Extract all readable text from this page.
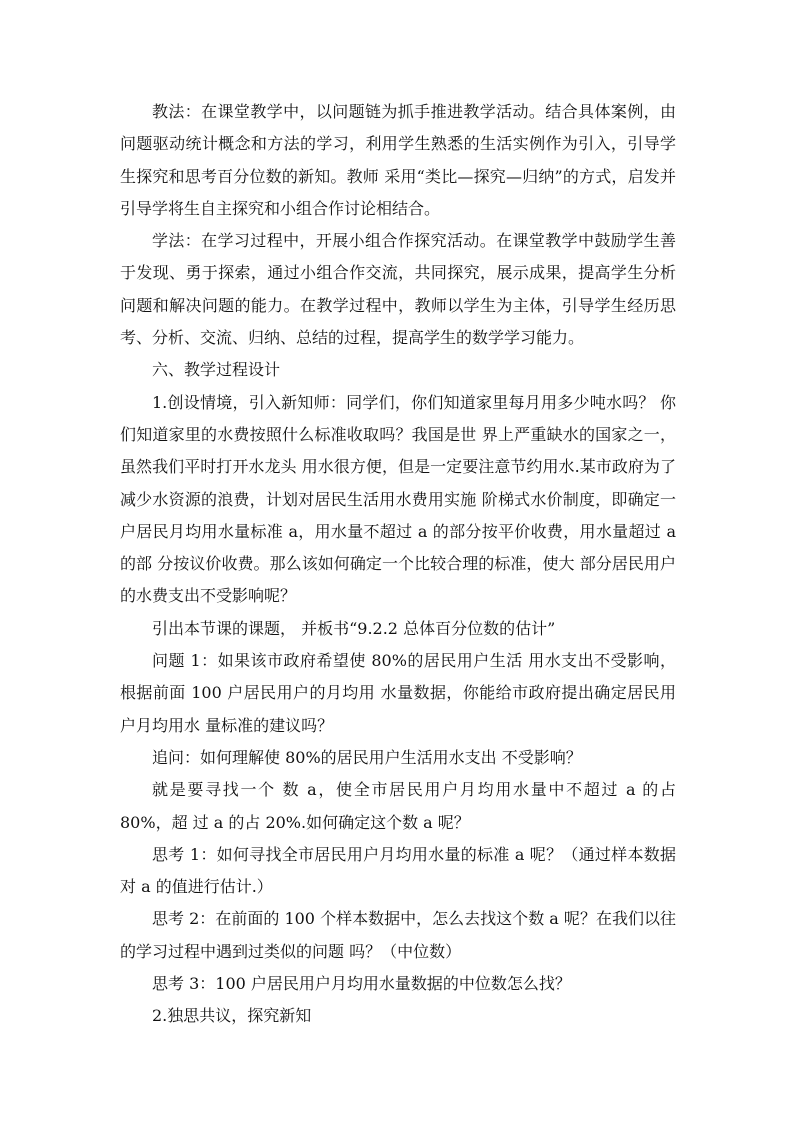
教法：在课堂教学中，以问题链为抓手推进教学活动。结合具体案例，由问题驱动统计概念和方法的学习，利用学生熟悉的生活实例作为引入，引导学生探究和思考百分位数的新知。教师 采用“类比—探究—归纳”的方式，启发并引导学将生自主探究和小组合作讨论相结合。

学法：在学习过程中，开展小组合作探究活动。在课堂教学中鼓励学生善于发现、勇于探索，通过小组合作交流，共同探究，展示成果，提高学生分析问题和解决问题的能力。在教学过程中，教师以学生为主体，引导学生经历思考、分析、交流、归纳、总结的过程，提高学生的数学学习能力。

六、教学过程设计

1.创设情境，引入新知师：同学们，你们知道家里每月用多少吨水吗？ 你们知道家里的水费按照什么标准收取吗？我国是世 界上严重缺水的国家之一，虽然我们平时打开水龙头 用水很方便，但是一定要注意节约用水.某市政府为了减少水资源的浪费，计划对居民生活用水费用实施 阶梯式水价制度，即确定一户居民月均用水量标准 a，用水量不超过 a 的部分按平价收费，用水量超过 a 的部 分按议价收费。那么该如何确定一个比较合理的标准，使大 部分居民用户的水费支出不受影响呢？

引出本节课的课题， 并板书“9.2.2 总体百分位数的估计”

问题 1：如果该市政府希望使 80%的居民用户生活 用水支出不受影响，根据前面 100 户居民用户的月均用 水量数据，你能给市政府提出确定居民用户月均用水 量标准的建议吗？

追问：如何理解使 80%的居民用户生活用水支出 不受影响？

就是要寻找一个 数 a，使全市居民用户月均用水量中不超过 a 的占 80%，超 过 a 的占 20%.如何确定这个数 a 呢？

思考 1：如何寻找全市居民用户月均用水量的标准 a 呢？（通过样本数据对 a 的值进行估计.）

思考 2：在前面的 100 个样本数据中，怎么去找这个数 a 呢？在我们以往的学习过程中遇到过类似的问题 吗？（中位数）

思考 3：100 户居民用户月均用水量数据的中位数怎么找？

2.独思共议，探究新知
